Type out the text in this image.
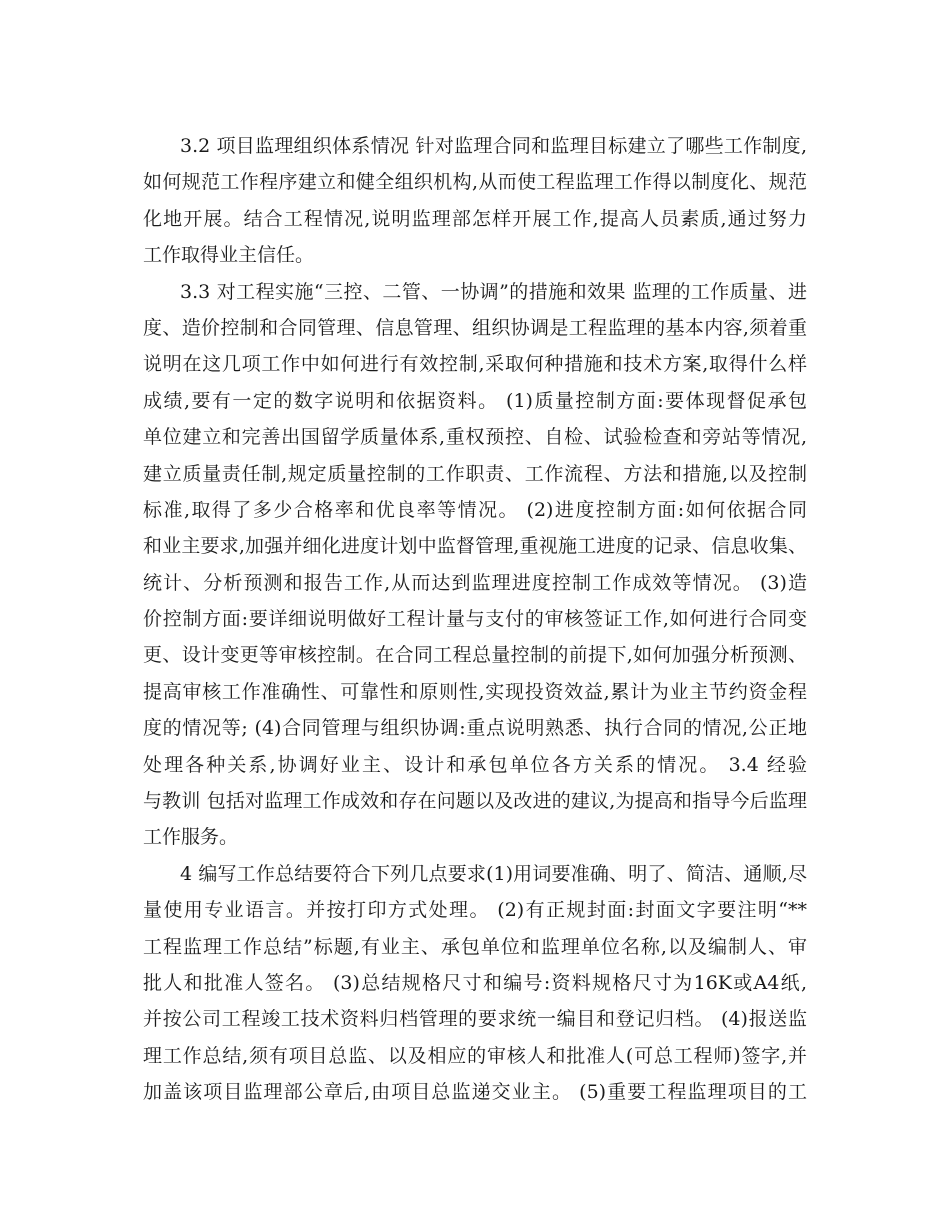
3.2 项目监理组织体系情况 针对监理合同和监理目标建立了哪些工作制度,
如何规范工作程序建立和健全组织机构,从而使工程监理工作得以制度化、规范
化地开展。结合工程情况,说明监理部怎样开展工作,提高人员素质,通过努力
工作取得业主信任。
3.3 对工程实施“三控、二管、一协调”的措施和效果 监理的工作质量、进
度、造价控制和合同管理、信息管理、组织协调是工程监理的基本内容,须着重
说明在这几项工作中如何进行有效控制,采取何种措施和技术方案,取得什么样
成绩,要有一定的数字说明和依据资料。 (1)质量控制方面:要体现督促承包
单位建立和完善出国留学质量体系,重权预控、自检、试验检查和旁站等情况,
建立质量责任制,规定质量控制的工作职责、工作流程、方法和措施,以及控制
标准,取得了多少合格率和优良率等情况。 (2)进度控制方面:如何依据合同
和业主要求,加强并细化进度计划中监督管理,重视施工进度的记录、信息收集、
统计、分析预测和报告工作,从而达到监理进度控制工作成效等情况。 (3)造
价控制方面:要详细说明做好工程计量与支付的审核签证工作,如何进行合同变
更、设计变更等审核控制。在合同工程总量控制的前提下,如何加强分析预测、
提高审核工作准确性、可靠性和原则性,实现投资效益,累计为业主节约资金程
度的情况等; (4)合同管理与组织协调:重点说明熟悉、执行合同的情况,公正地
处理各种关系,协调好业主、设计和承包单位各方关系的情况。 3.4 经验
与教训 包括对监理工作成效和存在问题以及改进的建议,为提高和指导今后监理
工作服务。
4 编写工作总结要符合下列几点要求(1)用词要准确、明了、简洁、通顺,尽
量使用专业语言。并按打印方式处理。 (2)有正规封面:封面文字要注明“**
工程监理工作总结”标题,有业主、承包单位和监理单位名称,以及编制人、审
批人和批准人签名。 (3)总结规格尺寸和编号:资料规格尺寸为16K或A4纸,
并按公司工程竣工技术资料归档管理的要求统一编目和登记归档。 (4)报送监
理工作总结,须有项目总监、以及相应的审核人和批准人(可总工程师)签字,并
加盖该项目监理部公章后,由项目总监递交业主。 (5)重要工程监理项目的工
